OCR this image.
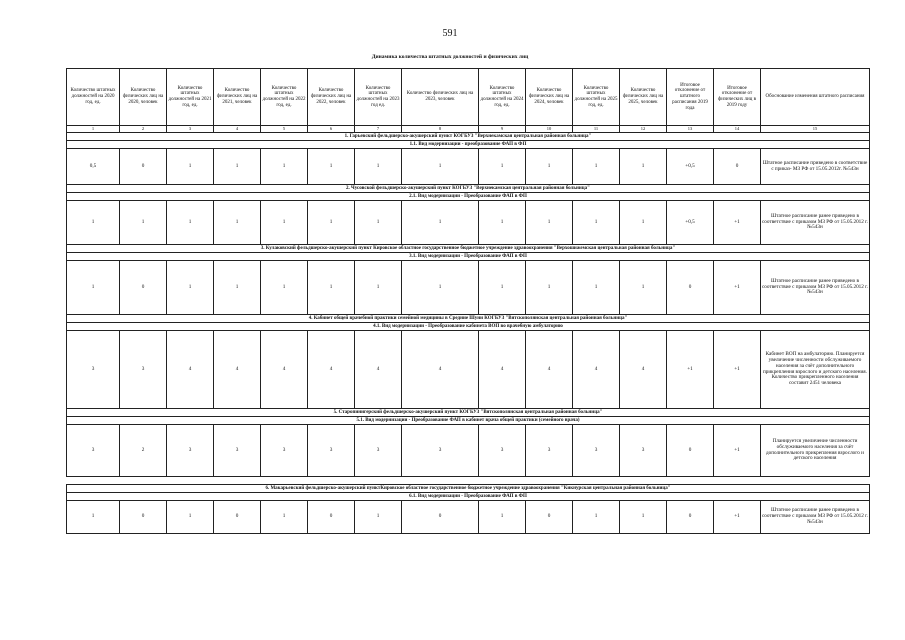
591
Динамика количества штатных должностей и физических лиц
Количество штатных должностей на 2020 год, ед.	Количество физических лиц на 2020, человек	Количество штатных должностей на 2021 год, ед.	Количество физических лиц на 2021, человек	Количество штатных должностей на 2022 год, ед.	Количество физических лиц на 2022, человек	Количество штатных должностей на 2023 год ед.	Количество физических лиц на 2023, человек	Количество штатных должностей на 2024 год, ед.	Количество физических лиц на 2024, человек	Количество штатных должностей на 2025 год, ед.	Количество физических лиц на 2025, человек	Итоговое отклонение от штатного расписания 2019 года	Итоговое отклонение от физических лиц в 2019 году	Обоснование изменения штатного расписания
1	2	3	4	5	6	7	8	9	10	11	12	13	14	15
1. Гарьевский фельдшерско-акушерский пункт КОГБУЗ "Верхнекамская центральная районная больница"														
1.1. Вид модернизации - преобразование ФАП в ФП														
0,5	0	1	1	1	1	1	1	1	1	1	1	+0,5	0	Штатное расписание приведено в соответствие с приказ- МЗ РФ от 15.05.2012г. №543н
2. Чусовской фельдшерско-акушерский пункт КОГБУЗ "Верхнекамская центральная районная больница"														
2.1. Вид модернизации - Преобразование ФАП в ФП														
1	1	1	1	1	1	1	1	1	1	1	1	+0,5	+1	Штатное расписание ранее приведено в соответствие с приказом МЗ РФ от 15.05.2012 г. №543н
3. Кулаковский фельдшерско-акушерский пункт Кировское областное государственное бюджетное учреждение здравоохранения "Верхошижемская центральная районная больница"														
3.1. Вид модернизации - Преобразование ФАП в ФП														
1	0	1	1	1	1	1	1	1	1	1	1	0	+1	Штатное расписание ранее приведено в соответствие с приказом МЗ РФ от 15.05.2012 г. №543н
4. Кабинет общей врачебной практики семейной медицины в Средние Шуни КОГБУЗ "Вятскополянская центральная районная больница"														
4.1. Вид модернизации - Преобразование кабинета ВОП во врачебную амбулаторию														
3	3	4	4	4	4	4	4	4	4	4	4	+1	+1	Кабинет ВОП на амбулаторию. Планируется увеличение численности обслуживаемого населения за счёт дополнительного прикрепления взрослого и детского населения. Количество прикрепленного населения составит 2451 человека
5. Старопинигерский фельдшерско-акушерский пункт КОГБУЗ "Вятскополянская центральная районная больница"														
5.1. Вид модернизации - Преобразование ФАП в кабинет врача общей практики (семейного врача)														
3	2	3	3	3	3	3	3	3	3	3	3	0	+1	Планируется увеличение численности обслуживаемого населения за счёт дополнительного прикрепления взрослого и детского населения

6. Макарьевский фельдшерско-акушерский пунктКировское областное государственное бюджетное учреждение здравоохранения "Кикнурская центральная районная больница"														
6.1. Вид модернизации - Преобразование ФАП в ФП														
1	0	1	0	1	0	1	0	1	0	1	1	0	+1	Штатное расписание ранее приведено в соответствие с приказом МЗ РФ от 15.05.2012 г. №543н
